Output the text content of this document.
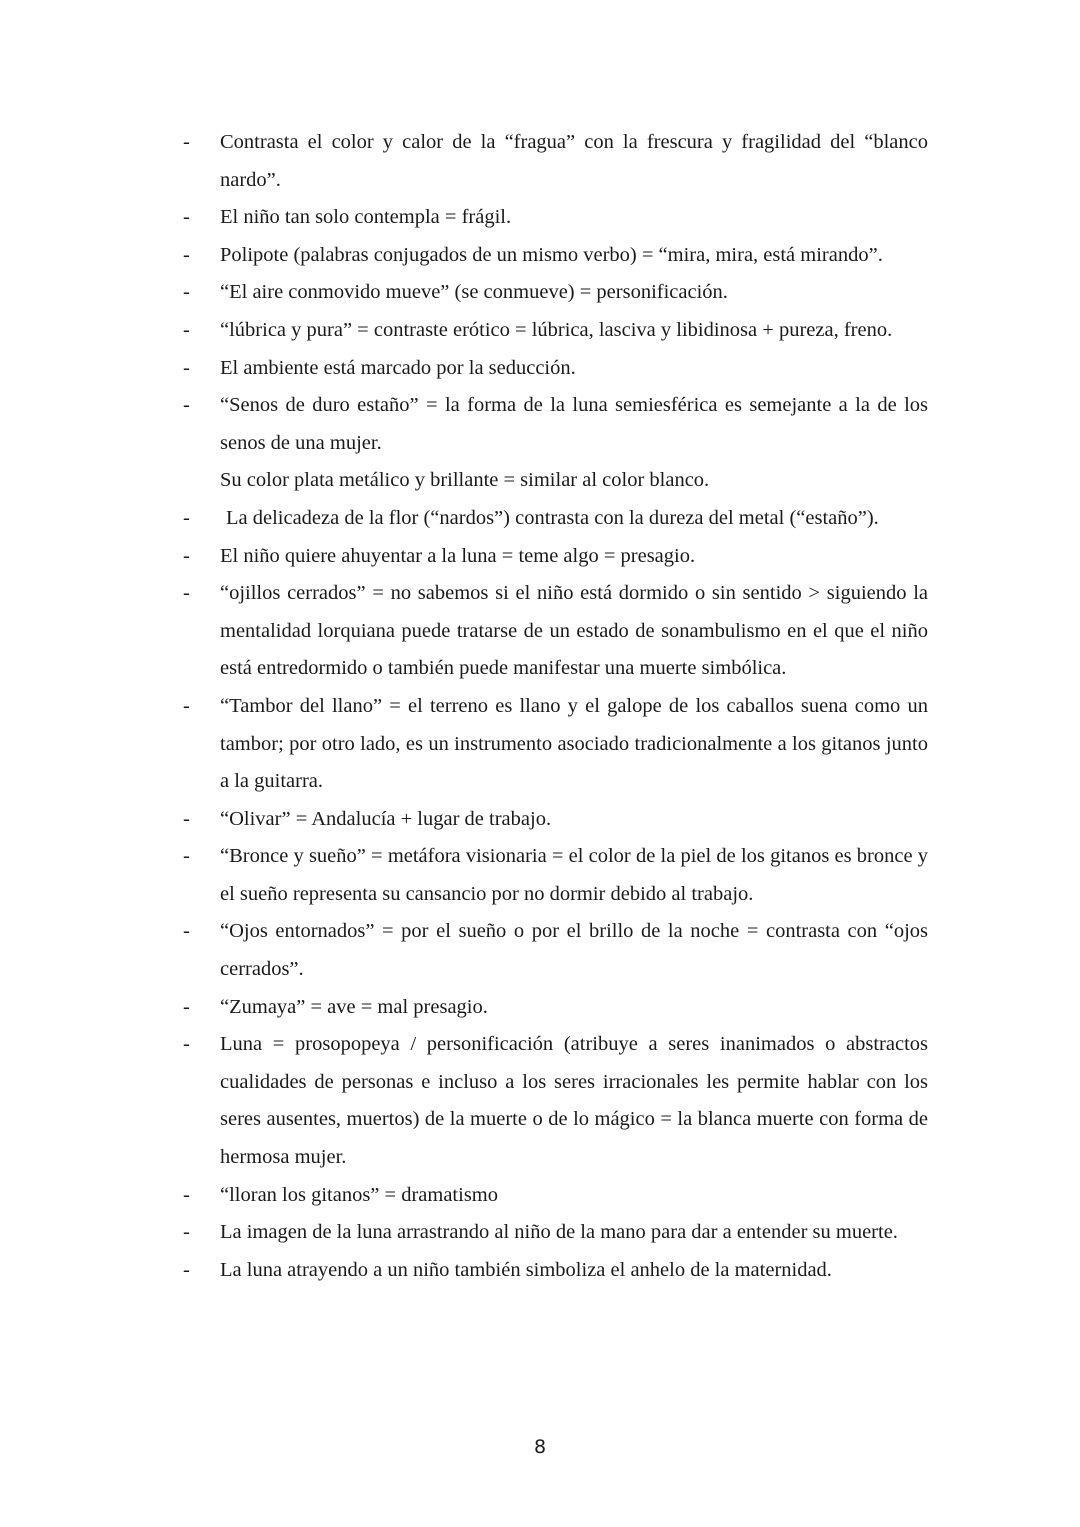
- Contrasta el color y calor de la “fragua” con la frescura y fragilidad del “blanco nardo”.
- El niño tan solo contempla = frágil.
- Polipote (palabras conjugados de un mismo verbo) = “mira, mira, está mirando”.
- “El aire conmovido mueve” (se conmueve) = personificación.
- “lúbrica y pura” = contraste erótico = lúbrica, lasciva y libidinosa + pureza, freno.
- El ambiente está marcado por la seducción.
- “Senos de duro estaño” = la forma de la luna semiesférica es semejante a la de los senos de una mujer.
Su color plata metálico y brillante = similar al color blanco.
- La delicadeza de la flor (“nardos”) contrasta con la dureza del metal (“estaño”).
- El niño quiere ahuyentar a la luna = teme algo = presagio.
- “ojillos cerrados” = no sabemos si el niño está dormido o sin sentido > siguiendo la mentalidad lorquiana puede tratarse de un estado de sonambulismo en el que el niño está entredormido o también puede manifestar una muerte simbólica.
- “Tambor del llano” = el terreno es llano y el galope de los caballos suena como un tambor; por otro lado, es un instrumento asociado tradicionalmente a los gitanos junto a la guitarra.
- “Olivar” = Andalucía + lugar de trabajo.
- “Bronce y sueño” = metáfora visionaria = el color de la piel de los gitanos es bronce y el sueño representa su cansancio por no dormir debido al trabajo.
- “Ojos entornados” = por el sueño o por el brillo de la noche = contrasta con “ojos cerrados”.
- “Zumaya” = ave = mal presagio.
- Luna = prosopopeya / personificación (atribuye a seres inanimados o abstractos cualidades de personas e incluso a los seres irracionales les permite hablar con los seres ausentes, muertos) de la muerte o de lo mágico = la blanca muerte con forma de hermosa mujer.
- “lloran los gitanos” = dramatismo
- La imagen de la luna arrastrando al niño de la mano para dar a entender su muerte.
- La luna atrayendo a un niño también simboliza el anhelo de la maternidad.
8
